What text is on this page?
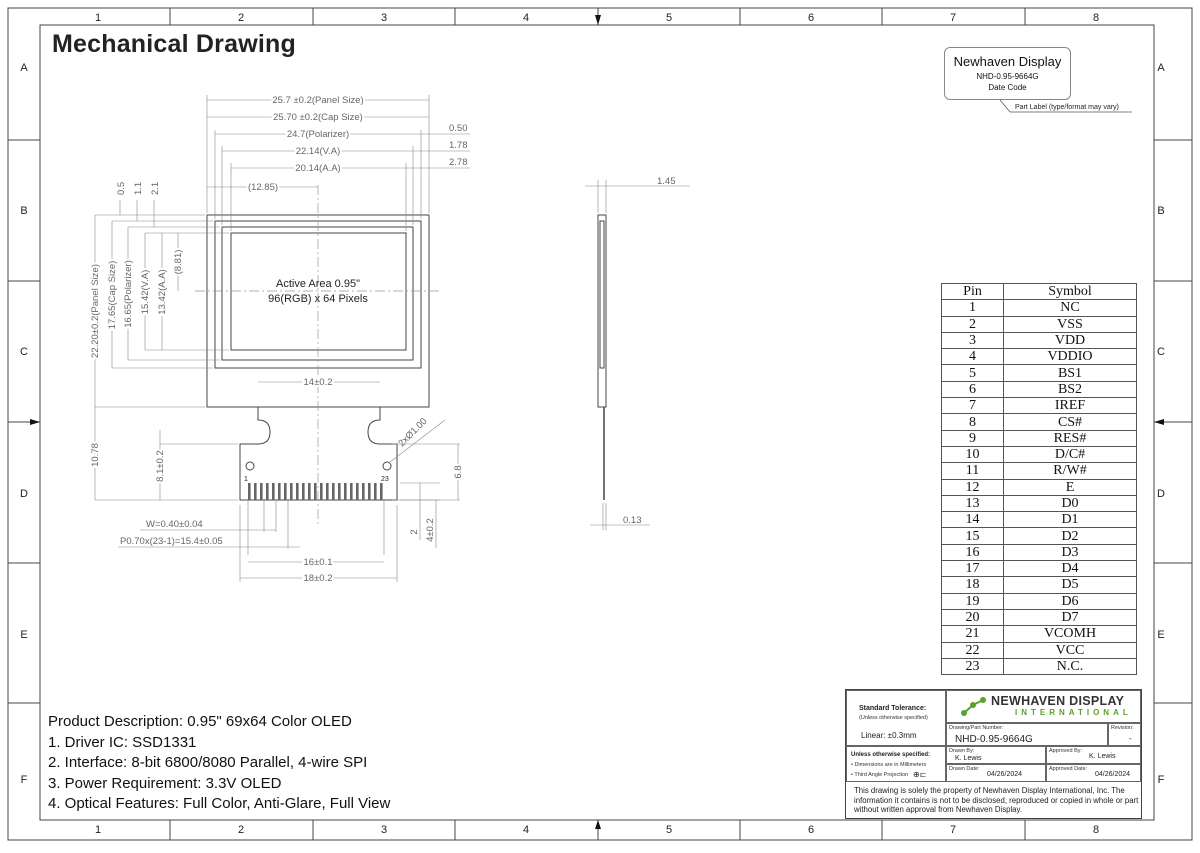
1	2	3	4	5	6	7	8
1	2	3	4	5	6	7	8
A
B
C
D
E
F
A
B
C
D
E
F
Active Area 0.95"
96(RGB) x 64 Pixels
25.7 ±0.2(Panel Size)
25.70 ±0.2(Cap Size)
24.7(Polarizer)
22.14(V.A)
20.14(A.A)
(12.85)
0.50
1.78
2.78
0.5 1.1 2.1
22.20±0.2(Panel Size) 17.65(Cap Size) 16.65(Polarizer) 15.42(V.A) 13.42(A.A)
(8.81)
14±0.2
10.78	8.1±0.2
2xØ1.00
6.8
W=0.40±0.04
P0.70x(23-1)=15.4±0.05
16±0.1
18±0.2
2 4±0.2
1	23
1.45
0.13
Mechanical Drawing
Newhaven Display
NHD-0.95-9664G
Date Code
Part Label (type/format may vary)
Pin	Symbol
1	NC
2	VSS
3	VDD
4	VDDIO
5	BS1
6	BS2
7	IREF
8	CS#
9	RES#
10	D/C#
11	R/W#
12	E
13	D0
14	D1
15	D2
16	D3
17	D4
18	D5
19	D6
20	D7
21	VCOMH
22	VCC
23	N.C.
Product Description: 0.95" 69x64 Color OLED
1. Driver IC: SSD1331
2. Interface: 8-bit 6800/8080 Parallel, 4-wire SPI
3. Power Requirement: 3.3V OLED
4. Optical Features: Full Color, Anti-Glare, Full View
Standard Tolerance:
(Unless otherwise specified)
Linear: ±0.3mm
NEWHAVEN DISPLAY
INTERNATIONAL
Drawing/Part Number:
NHD-0.95-9664G
Revision:
-
Unless otherwise specified:
• Dimensions are in Millimeters
• Third Angle Projection ⊕⊏
Drawn By:
K. Lewis
Approved By:
K. Lewis
Drawn Date:
04/26/2024
Approved Date:
04/26/2024
This drawing is solely the property of Newhaven Display International, Inc. The information it contains is not to be disclosed, reproduced or copied in whole or part without written approval from Newhaven Display.
